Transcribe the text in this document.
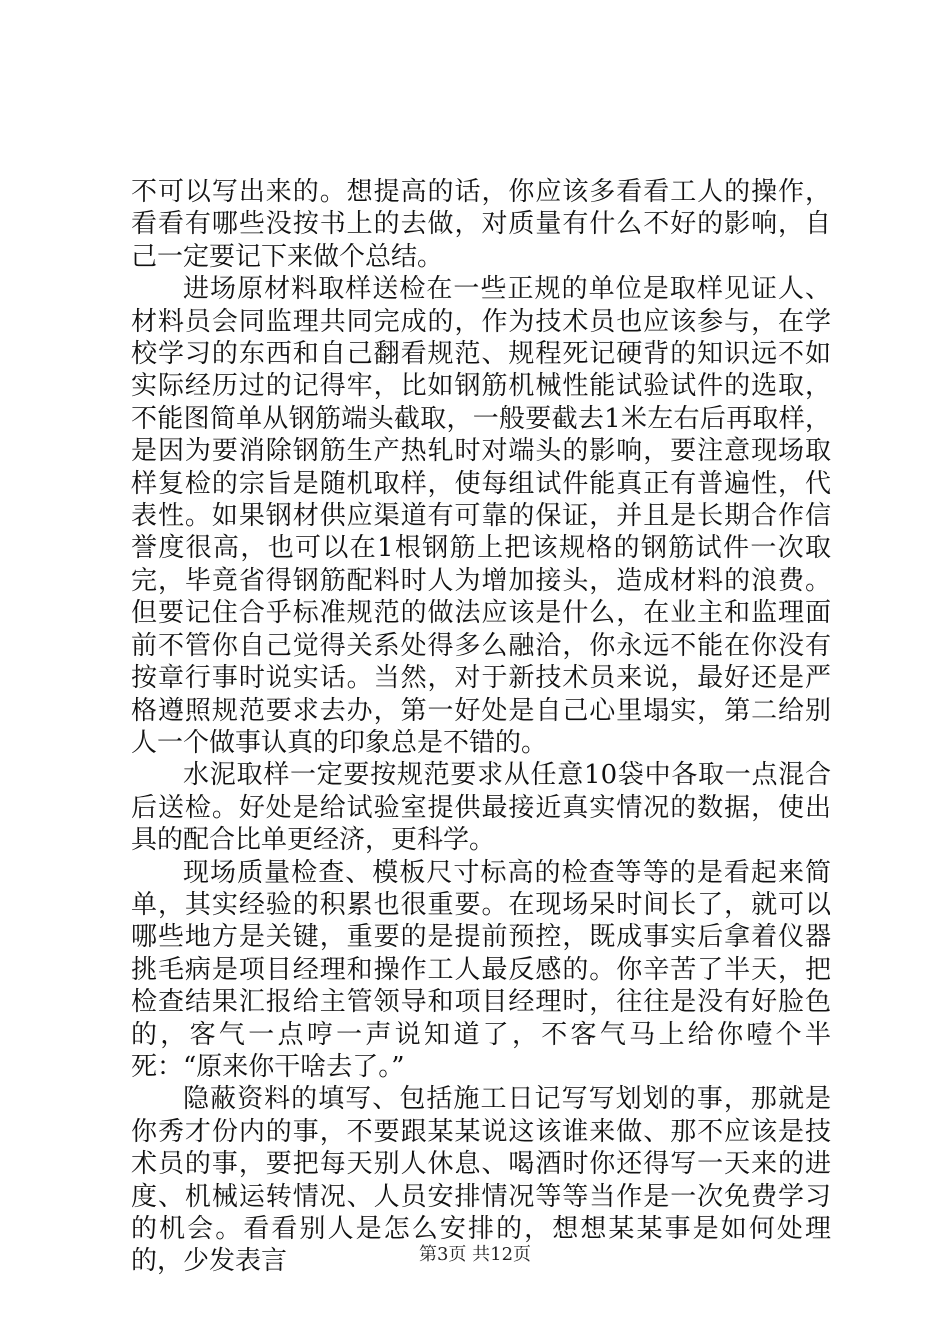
不可以写出来的。想提高的话，你应该多看看工人的操作，看看有哪些没按书上的去做，对质量有什么不好的影响，自己一定要记下来做个总结。

进场原材料取样送检在一些正规的单位是取样见证人、材料员会同监理共同完成的，作为技术员也应该参与，在学校学习的东西和自己翻看规范、规程死记硬背的知识远不如实际经历过的记得牢，比如钢筋机械性能试验试件的选取，不能图简单从钢筋端头截取，一般要截去1米左右后再取样，是因为要消除钢筋生产热轧时对端头的影响，要注意现场取样复检的宗旨是随机取样，使每组试件能真正有普遍性，代表性。如果钢材供应渠道有可靠的保证，并且是长期合作信誉度很高，也可以在1根钢筋上把该规格的钢筋试件一次取完，毕竟省得钢筋配料时人为增加接头，造成材料的浪费。但要记住合乎标准规范的做法应该是什么，在业主和监理面前不管你自己觉得关系处得多么融洽，你永远不能在你没有按章行事时说实话。当然，对于新技术员来说，最好还是严格遵照规范要求去办，第一好处是自己心里塌实，第二给别人一个做事认真的印象总是不错的。

水泥取样一定要按规范要求从任意10袋中各取一点混合后送检。好处是给试验室提供最接近真实情况的数据，使出具的配合比单更经济，更科学。

现场质量检查、模板尺寸标高的检查等等的是看起来简单，其实经验的积累也很重要。在现场呆时间长了，就可以哪些地方是关键，重要的是提前预控，既成事实后拿着仪器挑毛病是项目经理和操作工人最反感的。你辛苦了半天，把检查结果汇报给主管领导和项目经理时，往往是没有好脸色的，客气一点哼一声说知道了，不客气马上给你噎个半死：“原来你干啥去了。”

隐蔽资料的填写、包括施工日记写写划划的事，那就是你秀才份内的事，不要跟某某说这该谁来做、那不应该是技术员的事，要把每天别人休息、喝酒时你还得写一天来的进度、机械运转情况、人员安排情况等等当作是一次免费学习的机会。看看别人是怎么安排的，想想某某事是如何处理的，少发表言	第3页 共12页
